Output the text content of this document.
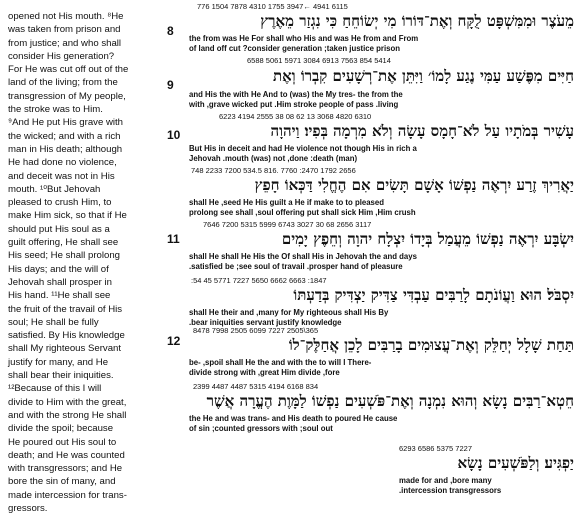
opened not His mouth. ⁸He
was taken from prison and
from justice; and who shall
consider His generation?
For He was cut off out of the
land of the living; from the
transgression of My people,
the stroke was to Him.
⁹And He put His grave with
the wicked; and with a rich
man in His death; although
He had done no violence,
and deceit was not in His
mouth. ¹⁰But Jehovah
pleased to crush Him, to
make Him sick, so that if He
should put His soul as a
guilt offering, He shall see
His seed; He shall prolong
His days; and the will of
Jehovah shall prosper in
His hand. ¹¹He shall see
the fruit of the travail of His
soul; He shall be fully
satisfied. By His knowledge
shall My righteous Servant
justify for many, and He
shall bear their iniquities.
¹²Because of this I will
divide to Him with the great,
and with the strong He shall
divide the spoil; because
He poured out His soul to
death; and He was counted
with transgressors; and He
bore the sin of many, and
made intercession for trans-
gressors.
8
776 1504 7878 4310 1755 3947← 4941 6115
מֵעֹצֶר וּמִמִּשְׁפָּט לֻקָּח וְאֶת־דּוֹרוֹ מִי יְשׂוֹחֵחַ כִּי נִגְזַר מֵאֶרֶץ
the from was He For shall who His and was He from and From
of land off cut ?consider generation ;taken justice prison
6588 5061 5971 3084 6913 7563 854 5414
חַיִּים מִפֶּשַׁע עַמִּי נֶגַע לָמוֹ׳ וַיִּתֵּן אֶת־רְשָׁעִים קִבְרוֹ וְאֶת
and His the with He And to (was) the My tres- the from the
with ,grave wicked put .Him stroke people of pass .living
9
6223 4194 2555 38 08 62 13 3068 4820 6310
עָשִׁיר בְּמֹתָיו עַל לֹא־חָמָס עָשָׂה וְלֹא מִרְמָה בְּפִיו׃ וַיהוָה
But His in deceit and had He violence not though His in rich a
Jehovah .mouth (was) not ,done :death (man)
10
748 2233 7200 534.5 816. 7760 :2470 1792 2656
יַאֲרִיךְ זֶרַע יִרְאֶה נַפְשׁוֹ אָשָׁם תָּשִׂים אִם הֶחֱלִי דַּכְּאוֹ חָפֵץ
shall He ,seed He His guilt a He if make to to pleased
prolong see shall ,soul offering put shall sick Him ,Him crush
7646 7200 5315 5999 6743 3027 30 68 2656 3117
יִשְׂבָּע יִרְאֶה נַפְשׁוֹ מֵעֲמַל בְּיָדוֹ יִצְלָח יהוָה וְחֵפֶץ יָמִים
shall He shall He His the Of shall His in Jehovah the and days
.satisfied be ;see soul of travail .prosper hand of pleasure
11
:54 45 5771 7227 5650 6662 6663 :1847
יִסְבֹּל׃ הוּא וַעֲוֹנֹתָם לָרַבִּים עַבְדִּי צַדִּיק יַצְדִּיק בְּדַעְתּוֹ
shall He their and ,many for My righteous shall His By
.bear iniquities servant justify knowledge
12
8478 7998 2505 6099 7227 2505\365
תַּחַת שָׁלָל יְחַלֵּק וְאֶת־עֲצוּמִים בָרַבִּים לָכֵן אֲחַלֶּק־לוֹ
be- ,spoil shall He the and with the to will I There-
divide strong with ,great Him divide ,fore
2399 4487 4487 5315 4194 6168 834
חֵטְא־רַבִּים נָשָׂא וְהוּא נִמְנָה וְאֶת־פֹּשְׁעִים נַפְשׁוֹ לַמָּוֶת הֶעֱרָה אֲשֶׁר
the He and was trans- and His death to poured He cause
of sin ;counted gressors with ;soul out
6293 6586 5375 7227
יַפְגִּיע׃ וְלַפֹּשְׁעִים נָשָׂא
made for and ,bore many
.intercession transgressors
